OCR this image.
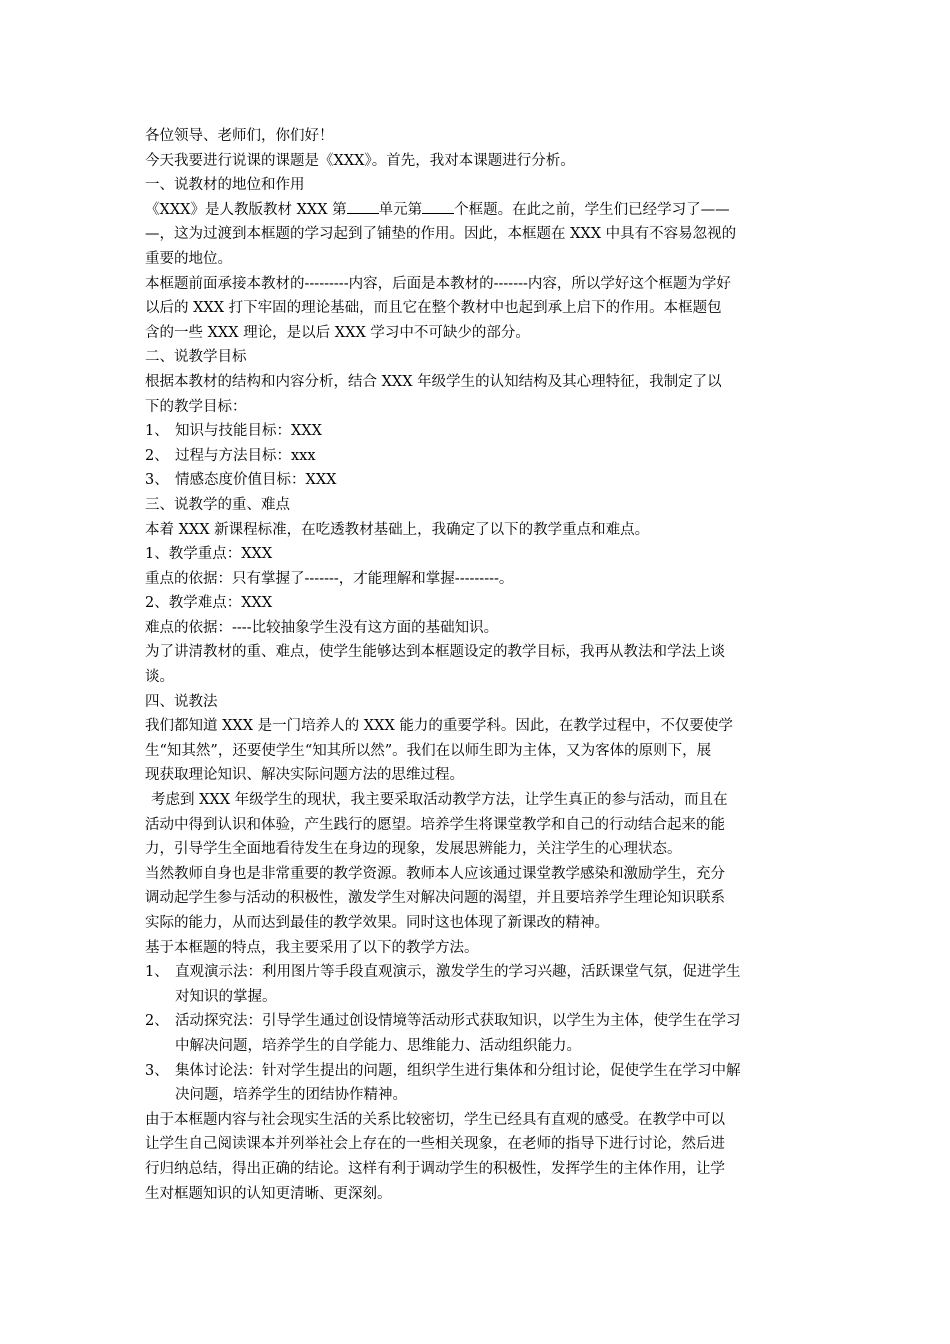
各位领导、老师们，你们好！
今天我要进行说课的课题是《XXX》。首先，我对本课题进行分析。
一、说教材的地位和作用
《XXX》是人教版教材 XXX 第 单元第 个框题。在此之前，学生们已经学习了——
—，这为过渡到本框题的学习起到了铺垫的作用。因此，本框题在 XXX 中具有不容易忽视的
重要的地位。
本框题前面承接本教材的---------内容，后面是本教材的-------内容，所以学好这个框题为学好
以后的 XXX 打下牢固的理论基础，而且它在整个教材中也起到承上启下的作用。本框题包
含的一些 XXX 理论，是以后 XXX 学习中不可缺少的部分。
二、说教学目标
根据本教材的结构和内容分析，结合 XXX 年级学生的认知结构及其心理特征，我制定了以
下的教学目标：
1、 知识与技能目标：XXX
2、 过程与方法目标：xxx
3、 情感态度价值目标：XXX
三、说教学的重、难点
本着 XXX 新课程标准，在吃透教材基础上，我确定了以下的教学重点和难点。
1、教学重点：XXX
重点的依据：只有掌握了-------，才能理解和掌握---------。
2、教学难点：XXX
难点的依据：----比较抽象学生没有这方面的基础知识。
为了讲清教材的重、难点，使学生能够达到本框题设定的教学目标，我再从教法和学法上谈
谈。
四、说教法
我们都知道 XXX 是一门培养人的 XXX 能力的重要学科。因此，在教学过程中，不仅要使学
生“知其然”，还要使学生“知其所以然”。我们在以师生即为主体，又为客体的原则下，展
现获取理论知识、解决实际问题方法的思维过程。
考虑到 XXX 年级学生的现状，我主要采取活动教学方法，让学生真正的参与活动，而且在
活动中得到认识和体验，产生践行的愿望。培养学生将课堂教学和自己的行动结合起来的能
力，引导学生全面地看待发生在身边的现象，发展思辨能力，关注学生的心理状态。
当然教师自身也是非常重要的教学资源。教师本人应该通过课堂教学感染和激励学生，充分
调动起学生参与活动的积极性，激发学生对解决问题的渴望，并且要培养学生理论知识联系
实际的能力，从而达到最佳的教学效果。同时这也体现了新课改的精神。
基于本框题的特点，我主要采用了以下的教学方法。
1、 直观演示法：利用图片等手段直观演示，激发学生的学习兴趣，活跃课堂气氛，促进学生
对知识的掌握。
2、 活动探究法：引导学生通过创设情境等活动形式获取知识，以学生为主体，使学生在学习
中解决问题，培养学生的自学能力、思维能力、活动组织能力。
3、 集体讨论法：针对学生提出的问题，组织学生进行集体和分组讨论，促使学生在学习中解
决问题，培养学生的团结协作精神。
由于本框题内容与社会现实生活的关系比较密切，学生已经具有直观的感受。在教学中可以
让学生自己阅读课本并列举社会上存在的一些相关现象，在老师的指导下进行讨论，然后进
行归纳总结，得出正确的结论。这样有利于调动学生的积极性，发挥学生的主体作用，让学
生对框题知识的认知更清晰、更深刻。
